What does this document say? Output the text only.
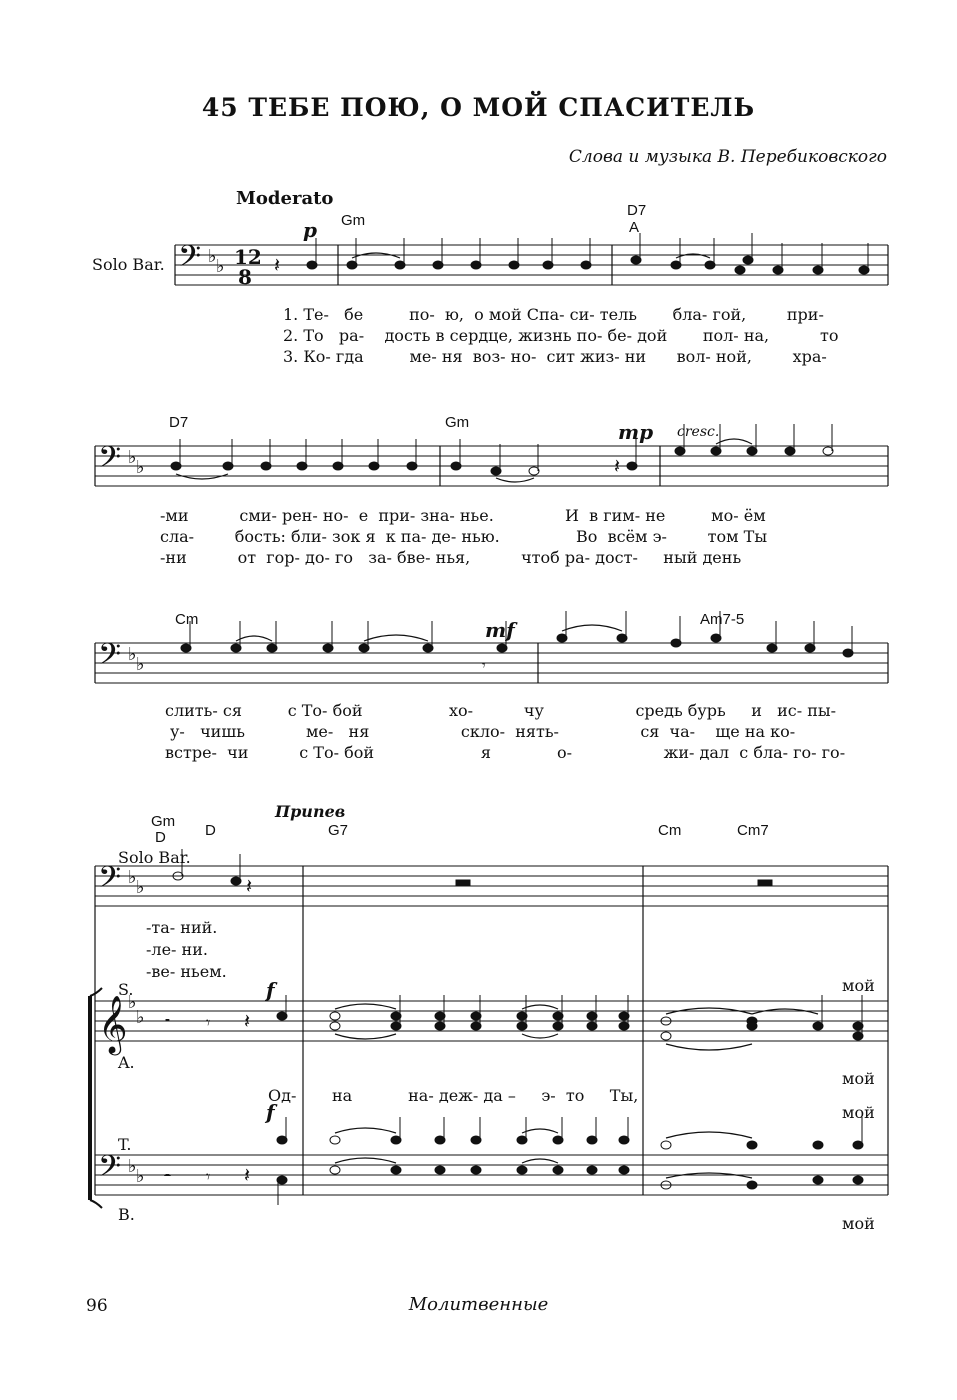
45 ТЕБЕ ПОЮ, О МОЙ СПАСИТЕЛЬ
Слова и музыка В. Перебиковского
Moderato
Solo Bar.
Solo Bar.
S.
A.
T.
B.
Припев
Gm
D7
A
D7	Gm
Cm	Am7-5
Gm
D	D	G7	Cm	Cm7
p
mp cresc.
mf
f
f
𝄢
𝄢
𝄢
𝄢
𝄞
𝄢
♭ ♭
♭ ♭
♭ ♭
♭ ♭
♭
♭
♭ ♭
12
8 𝄽
𝄽
𝄾
𝄽
𝄼 𝄾 𝄽
𝄼 𝄾 𝄽
1. Те- бе	по- ю, о мой Спа- си- тель бла- гой,	при-
2. То ра- дость в сердце, жизнь по- бе- дой пол- на,	то
3. Ко- гда	ме- ня воз- но- сит жиз- ни вол- ной,	хра-
-ми	сми- рен- но- е при- зна- нье.	И в гим- не	мо- ём
сла-	бость: бли- зок я к па- де- нью.	Во всём э-	том Ты
-ни	от гор- до- го за- бве- нья,	чтоб ра- дост- ный день
слить- ся	с То- бой	хо-	чу	средь бурь и ис- пы-
у- чишь	ме- ня	скло- нять-	ся ча- ще на ко-
встре- чи	с То- бой	я	о-	жи- дал с бла- го- го-
-та- ний.
-ле- ни.
-ве- ньем.
Од- на	на- деж- да – э- то Ты,
мой
мой
мой
мой
96	Молитвенные
